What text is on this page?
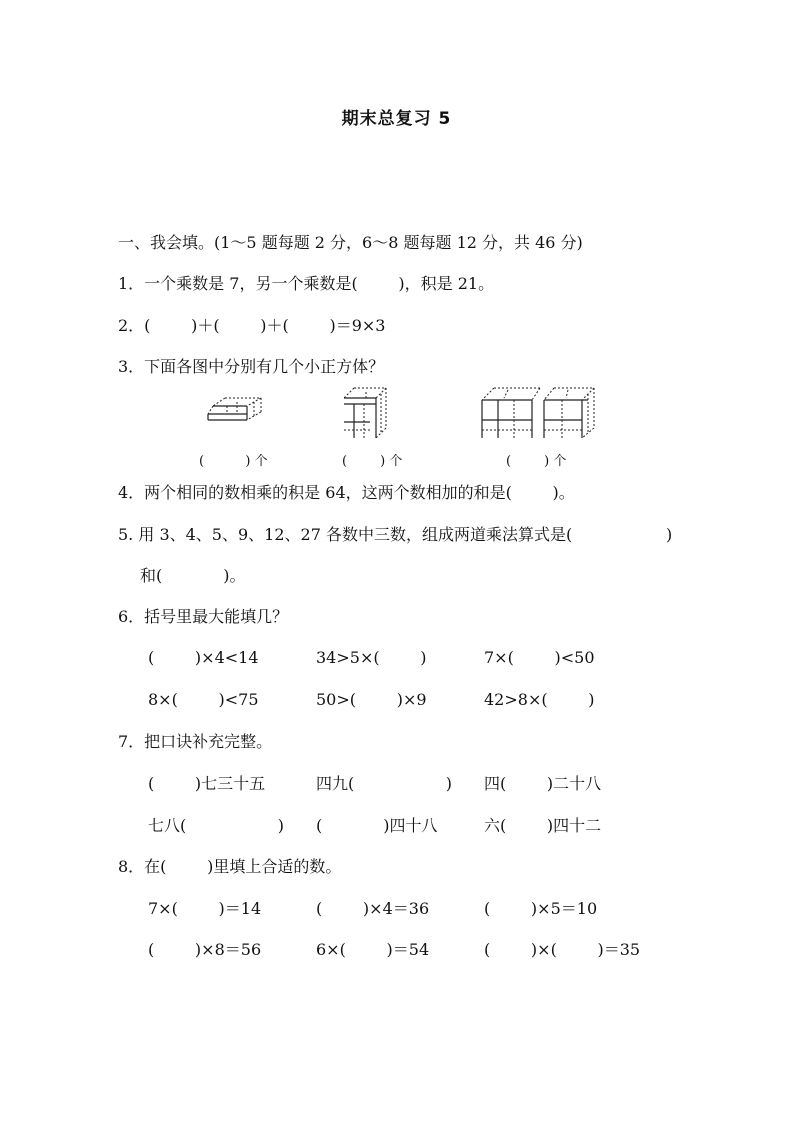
期末总复习 5
一、我会填。(1～5 题每题 2 分，6～8 题每题 12 分，共 46 分)
1．一个乘数是 7，另一个乘数是(        )，积是 21。
2．(        )＋(        )＋(        )＝9×3
3．下面各图中分别有几个小正方体？
(          ) 个	(        ) 个	(        ) 个
4．两个相同的数相乘的积是 64，这两个数相加的和是(        )。
5. 用 3、4、5、9、12、27 各数中三数，组成两道乘法算式是(	)
和(            )。
6．括号里最大能填几？
(        )×4<14	34>5×(        )	7×(        )<50
8×(        )<75	50>(        )×9	42>8×(        )
7．把口诀补充完整。
(        )七三十五	四九(                  ) 四(        )二十八
七八(                  ) (            )四十八	六(        )四十二
8．在(        )里填上合适的数。
7×(        )＝14	(        )×4＝36	(        )×5＝10
(        )×8＝56	6×(        )＝54	(        )×(        )＝35
